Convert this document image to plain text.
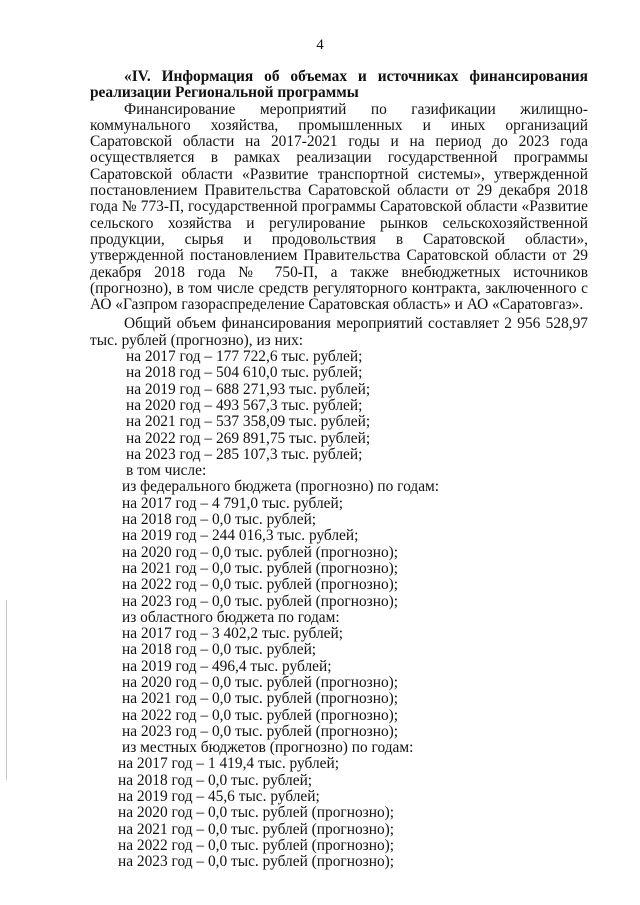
4

«IV. Информация об объемах и источниках финансирования реализации Региональной программы

Финансирование мероприятий по газификации жилищно-коммунального хозяйства, промышленных и иных организаций Саратовской области на 2017-2021 годы и на период до 2023 года осуществляется в рамках реализации государственной программы Саратовской области «Развитие транспортной системы», утвержденной постановлением Правительства Саратовской области от 29 декабря 2018 года № 773-П, государственной программы Саратовской области «Развитие сельского хозяйства и регулирование рынков сельскохозяйственной продукции, сырья и продовольствия в Саратовской области», утвержденной постановлением Правительства Саратовской области от 29 декабря 2018 года № 750-П, а также внебюджетных источников (прогнозно), в том числе средств регуляторного контракта, заключенного с АО «Газпром газораспределение Саратовская область» и АО «Саратовгаз».

Общий объем финансирования мероприятий составляет 2 956 528,97 тыс. рублей (прогнозно), из них:

на 2017 год – 177 722,6 тыс. рублей;
на 2018 год – 504 610,0 тыс. рублей;
на 2019 год – 688 271,93 тыс. рублей;
на 2020 год – 493 567,3 тыс. рублей;
на 2021 год – 537 358,09 тыс. рублей;
на 2022 год – 269 891,75 тыс. рублей;
на 2023 год – 285 107,3 тыс. рублей;
в том числе:
из федерального бюджета (прогнозно) по годам:
на 2017 год – 4 791,0 тыс. рублей;
на 2018 год – 0,0 тыс. рублей;
на 2019 год – 244 016,3 тыс. рублей;
на 2020 год – 0,0 тыс. рублей (прогнозно);
на 2021 год – 0,0 тыс. рублей (прогнозно);
на 2022 год – 0,0 тыс. рублей (прогнозно);
на 2023 год – 0,0 тыс. рублей (прогнозно);
из областного бюджета по годам:
на 2017 год – 3 402,2 тыс. рублей;
на 2018 год – 0,0 тыс. рублей;
на 2019 год – 496,4 тыс. рублей;
на 2020 год – 0,0 тыс. рублей (прогнозно);
на 2021 год – 0,0 тыс. рублей (прогнозно);
на 2022 год – 0,0 тыс. рублей (прогнозно);
на 2023 год – 0,0 тыс. рублей (прогнозно);
из местных бюджетов (прогнозно) по годам:
на 2017 год – 1 419,4 тыс. рублей;
на 2018 год – 0,0 тыс. рублей;
на 2019 год – 45,6 тыс. рублей;
на 2020 год – 0,0 тыс. рублей (прогнозно);
на 2021 год – 0,0 тыс. рублей (прогнозно);
на 2022 год – 0,0 тыс. рублей (прогнозно);
на 2023 год – 0,0 тыс. рублей (прогнозно);
